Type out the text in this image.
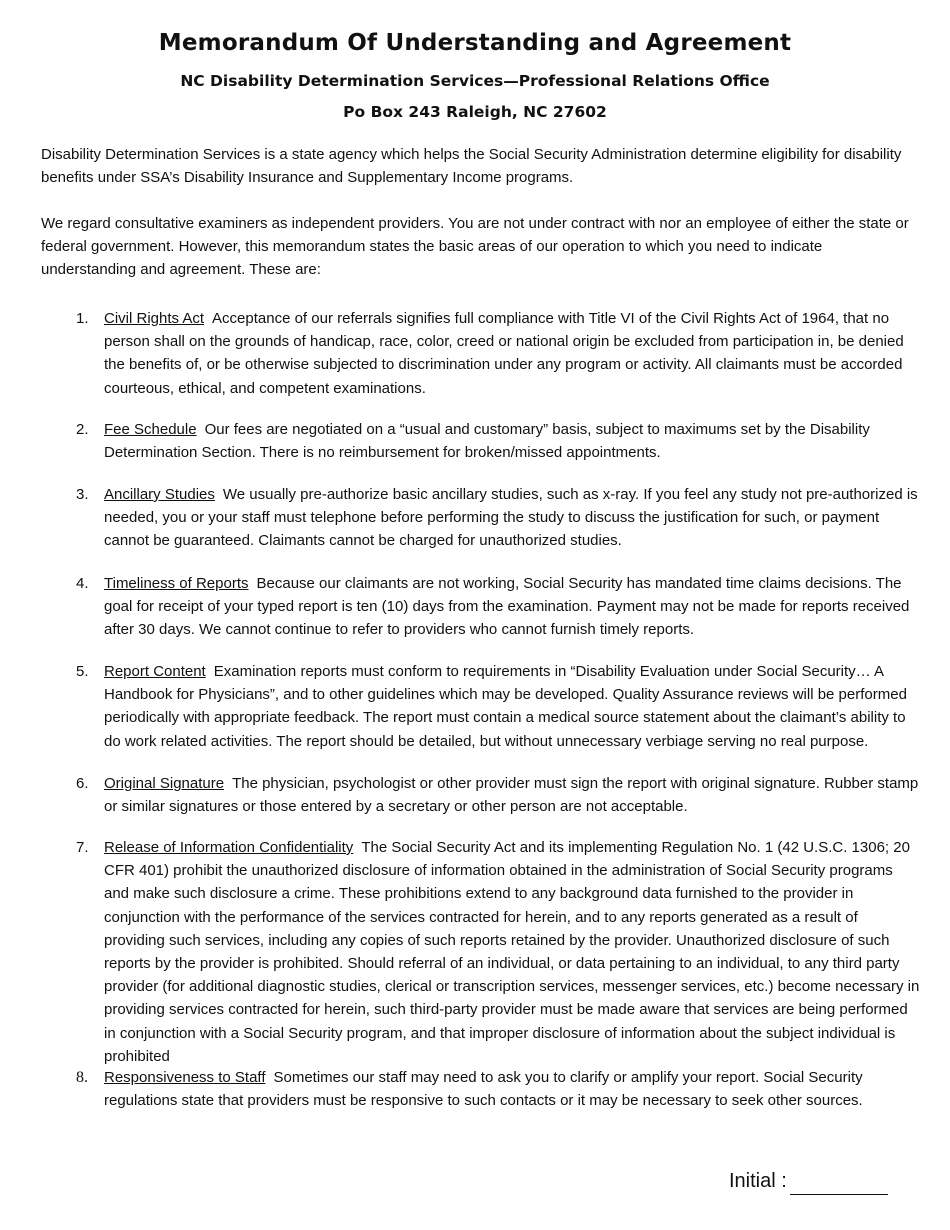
Memorandum Of Understanding and Agreement

NC Disability Determination Services—Professional Relations Office

Po Box 243 Raleigh, NC 27602

Disability Determination Services is a state agency which helps the Social Security Administration determine eligibility for disability benefits under SSA’s Disability Insurance and Supplementary Income programs.

We regard consultative examiners as independent providers. You are not under contract with nor an employee of either the state or federal government. However, this memorandum states the basic areas of our operation to which you need to indicate understanding and agreement. These are:

1.	Civil Rights Act Acceptance of our referrals signifies full compliance with Title VI of the Civil Rights Act of 1964, that no person shall on the grounds of handicap, race, color, creed or national origin be excluded from participation in, be denied the benefits of, or be otherwise subjected to discrimination under any program or activity. All claimants must be accorded courteous, ethical, and competent examinations.
2.	Fee Schedule Our fees are negotiated on a “usual and customary” basis, subject to maximums set by the Disability Determination Section. There is no reimbursement for broken/missed appointments.
3.	Ancillary Studies We usually pre-authorize basic ancillary studies, such as x-ray. If you feel any study not pre-authorized is needed, you or your staff must telephone before performing the study to discuss the justification for such, or payment cannot be guaranteed. Claimants cannot be charged for unauthorized studies.
4.	Timeliness of Reports Because our claimants are not working, Social Security has mandated time claims decisions. The goal for receipt of your typed report is ten (10) days from the examination. Payment may not be made for reports received after 30 days. We cannot continue to refer to providers who cannot furnish timely reports.
5.	Report Content Examination reports must conform to requirements in “Disability Evaluation under Social Security… A Handbook for Physicians”, and to other guidelines which may be developed. Quality Assurance reviews will be performed periodically with appropriate feedback. The report must contain a medical source statement about the claimant’s ability to do work related activities. The report should be detailed, but without unnecessary verbiage serving no real purpose.
6.	Original Signature The physician, psychologist or other provider must sign the report with original signature. Rubber stamp or similar signatures or those entered by a secretary or other person are not acceptable.
7.	Release of Information Confidentiality The Social Security Act and its implementing Regulation No. 1 (42 U.S.C. 1306; 20 CFR 401) prohibit the unauthorized disclosure of information obtained in the administration of Social Security programs and make such disclosure a crime. These prohibitions extend to any background data furnished to the provider in conjunction with the performance of the services contracted for herein, and to any reports generated as a result of providing such services, including any copies of such reports retained by the provider. Unauthorized disclosure of such reports by the provider is prohibited. Should referral of an individual, or data pertaining to an individual, to any third party provider (for additional diagnostic studies, clerical or transcription services, messenger services, etc.) become necessary in providing services contracted for herein, such third-party provider must be made aware that services are being performed in conjunction with a Social Security program, and that improper disclosure of information about the subject individual is prohibited
8.	Responsiveness to Staff Sometimes our staff may need to ask you to clarify or amplify your report. Social Security regulations state that providers must be responsive to such contacts or it may be necessary to seek other sources.
Initial :
